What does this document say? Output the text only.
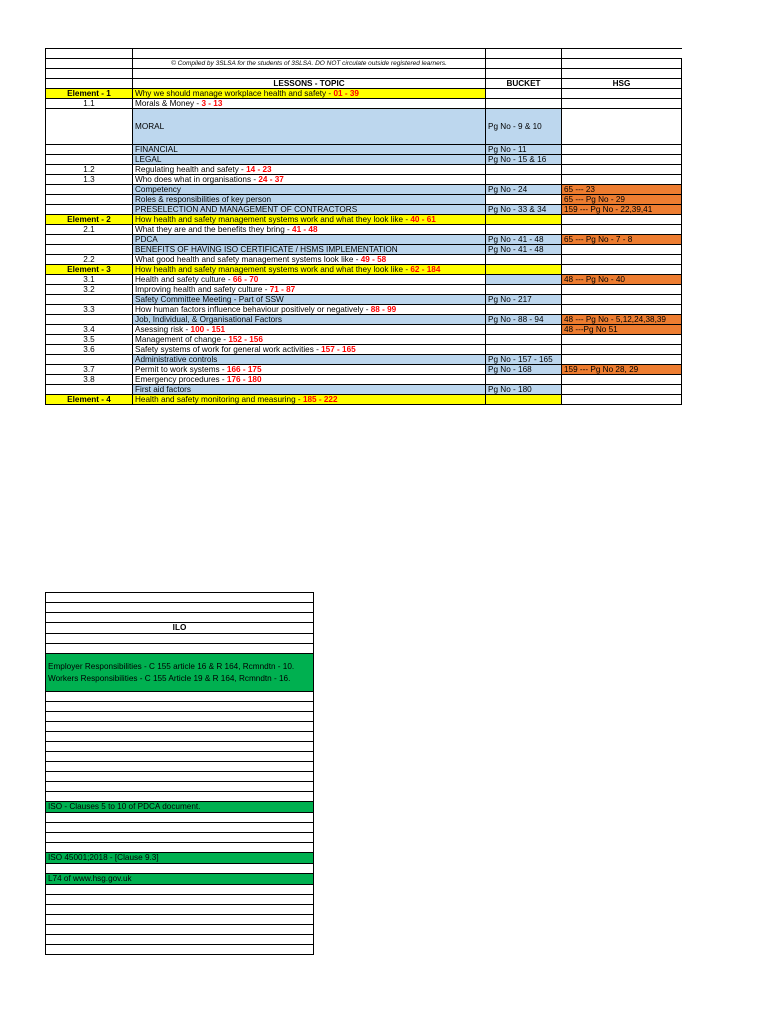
	© Compiled by 3SLSA for the students of 3SLSA. DO NOT circulate outside registered learners.		

	LESSONS - TOPIC	BUCKET	HSG
Element - 1	Why we should manage workplace health and safety - 01 - 39		
1.1	Morals & Money - 3 - 13		
	MORAL	Pg No - 9 & 10	
	FINANCIAL	Pg No - 11	
	LEGAL	Pg No - 15 & 16	
1.2	Regulating health and safety - 14 - 23		
1.3	Who does what in organisations - 24 - 37		
	Competency	Pg No - 24	65 --- 23
	Roles & responsibilities of key person		65 --- Pg No - 29
	PRESELECTION AND MANAGEMENT OF CONTRACTORS	Pg No - 33 & 34	159 --- Pg No - 22,39,41
Element - 2	How health and safety management systems work and what they look like - 40 - 61		
2.1	What they are and the benefits they bring - 41 - 48		
	PDCA	Pg No - 41 - 48	65 --- Pg No - 7 - 8
	BENEFITS OF HAVING ISO CERTIFICATE / HSMS IMPLEMENTATION	Pg No - 41 - 48	
2.2	What good health and safety management systems look like - 49 - 58		
Element - 3	How health and safety management systems work and what they look like - 62 - 184		
3.1	Health and safety culture - 66 - 70		48 --- Pg No - 40
3.2	Improving health and safety culture - 71 - 87		
	Safety Committee Meeting - Part of SSW	Pg No - 217	
3.3	How human factors influence behaviour positively or negatively - 88 - 99		
	Job, Individual, & Organisational Factors	Pg No - 88 - 94	48 --- Pg No - 5,12,24,38,39
3.4	Asessing risk - 100 - 151		48 ---Pg No 51
3.5	Management of change - 152 - 156		
3.6	Safety systems of work for general work activities - 157 - 165		
	Administrative controls	Pg No - 157 - 165	
3.7	Permit to work systems - 166 - 175	Pg No - 168	159 --- Pg No 28, 29
3.8	Emergency procedures - 176 - 180		
	First aid factors	Pg No - 180	
Element - 4	Health and safety monitoring and measuring - 185 - 222		

ILO

Employer Responsibilities - C 155 article 16 & R 164, Rcmndtn - 10. Workers Responsibilities - C 155 Article 19 & R 164, Rcmndtn - 16.

ISO - Clauses 5 to 10 of PDCA document.

ISO 45001;2018 - [Clause 9.3]

L74 of www.hsg.gov.uk
